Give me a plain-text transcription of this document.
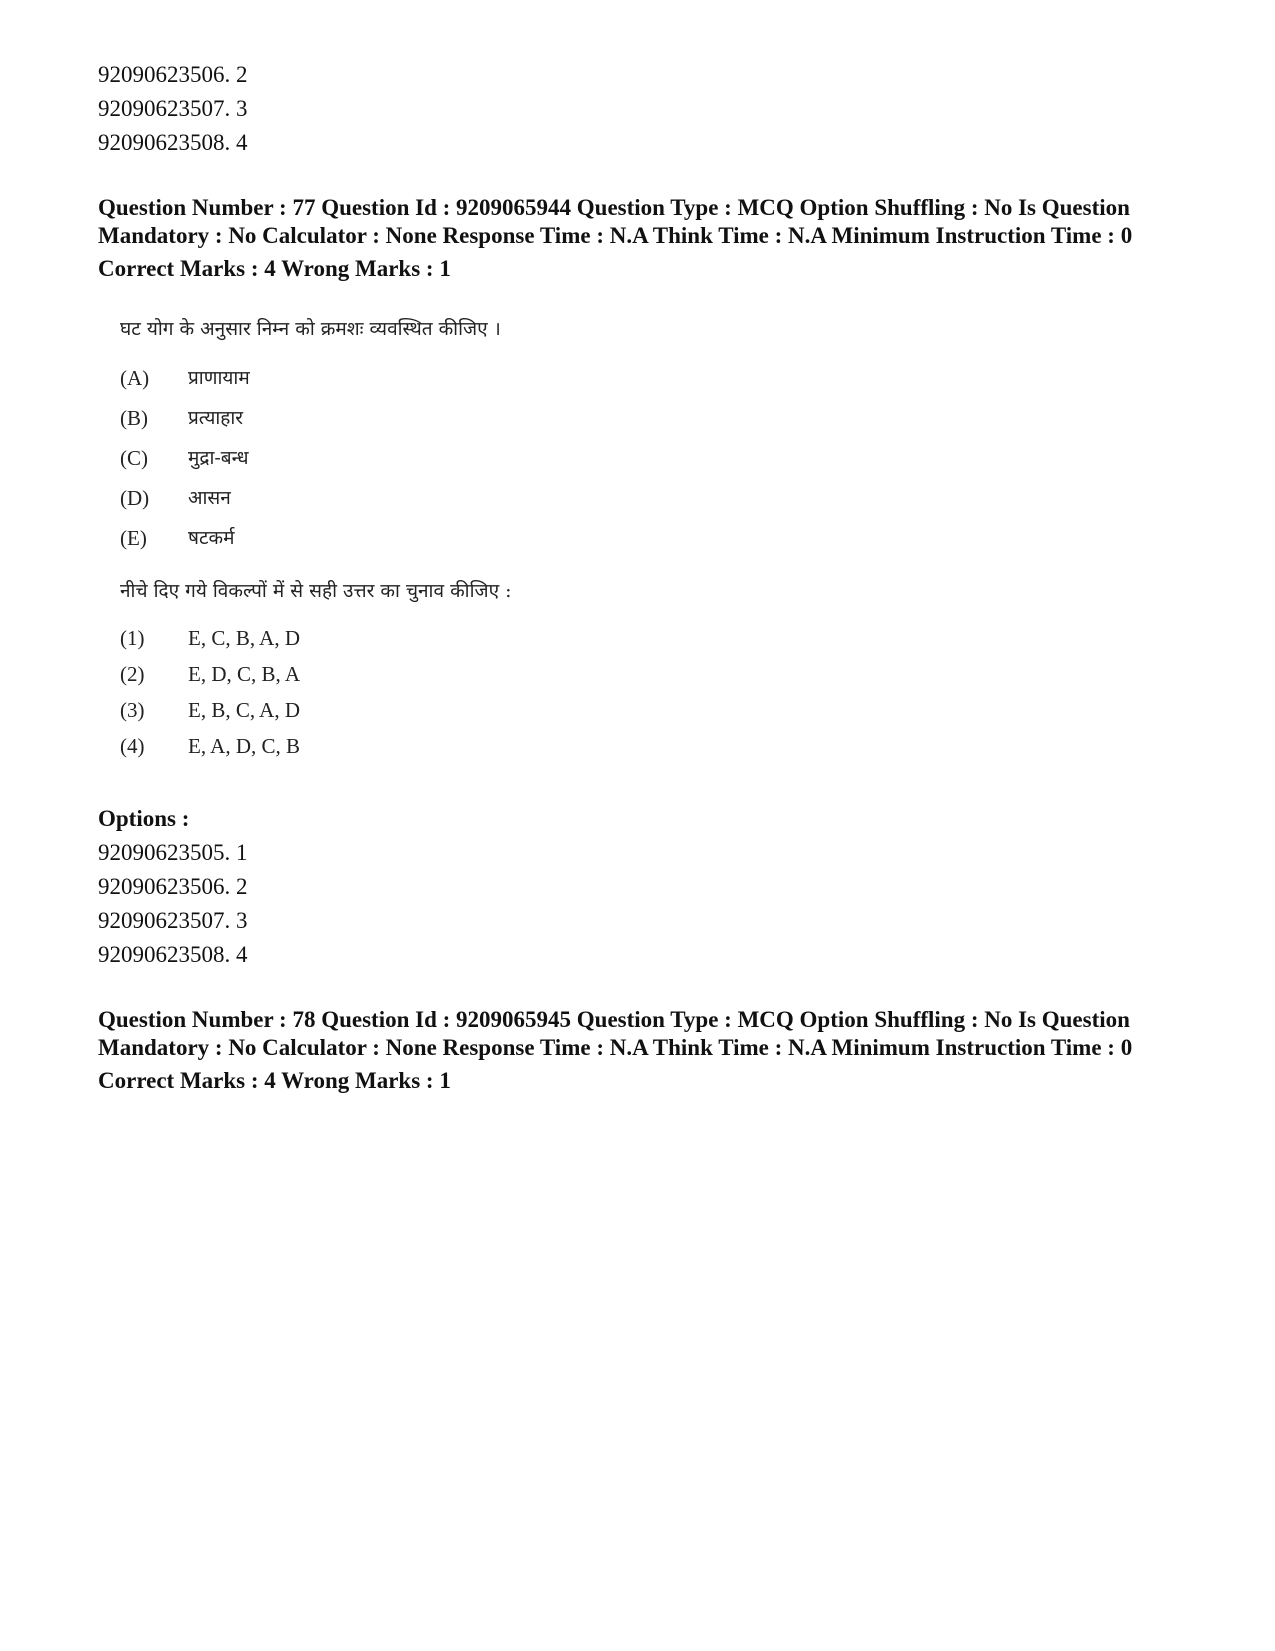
92090623506. 2
92090623507. 3
92090623508. 4
Question Number : 77 Question Id : 9209065944 Question Type : MCQ Option Shuffling : No Is Question Mandatory : No Calculator : None Response Time : N.A Think Time : N.A Minimum Instruction Time : 0
Correct Marks : 4 Wrong Marks : 1
घट योग के अनुसार निम्न को क्रमशः व्यवस्थित कीजिए ।
(A)	प्राणायाम
(B)	प्रत्याहार
(C)	मुद्रा-बन्ध
(D)	आसन
(E)	षटकर्म
नीचे दिए गये विकल्पों में से सही उत्तर का चुनाव कीजिए :
(1)	E, C, B, A, D
(2)	E, D, C, B, A
(3)	E, B, C, A, D
(4)	E, A, D, C, B
Options :
92090623505. 1
92090623506. 2
92090623507. 3
92090623508. 4
Question Number : 78 Question Id : 9209065945 Question Type : MCQ Option Shuffling : No Is Question Mandatory : No Calculator : None Response Time : N.A Think Time : N.A Minimum Instruction Time : 0
Correct Marks : 4 Wrong Marks : 1
